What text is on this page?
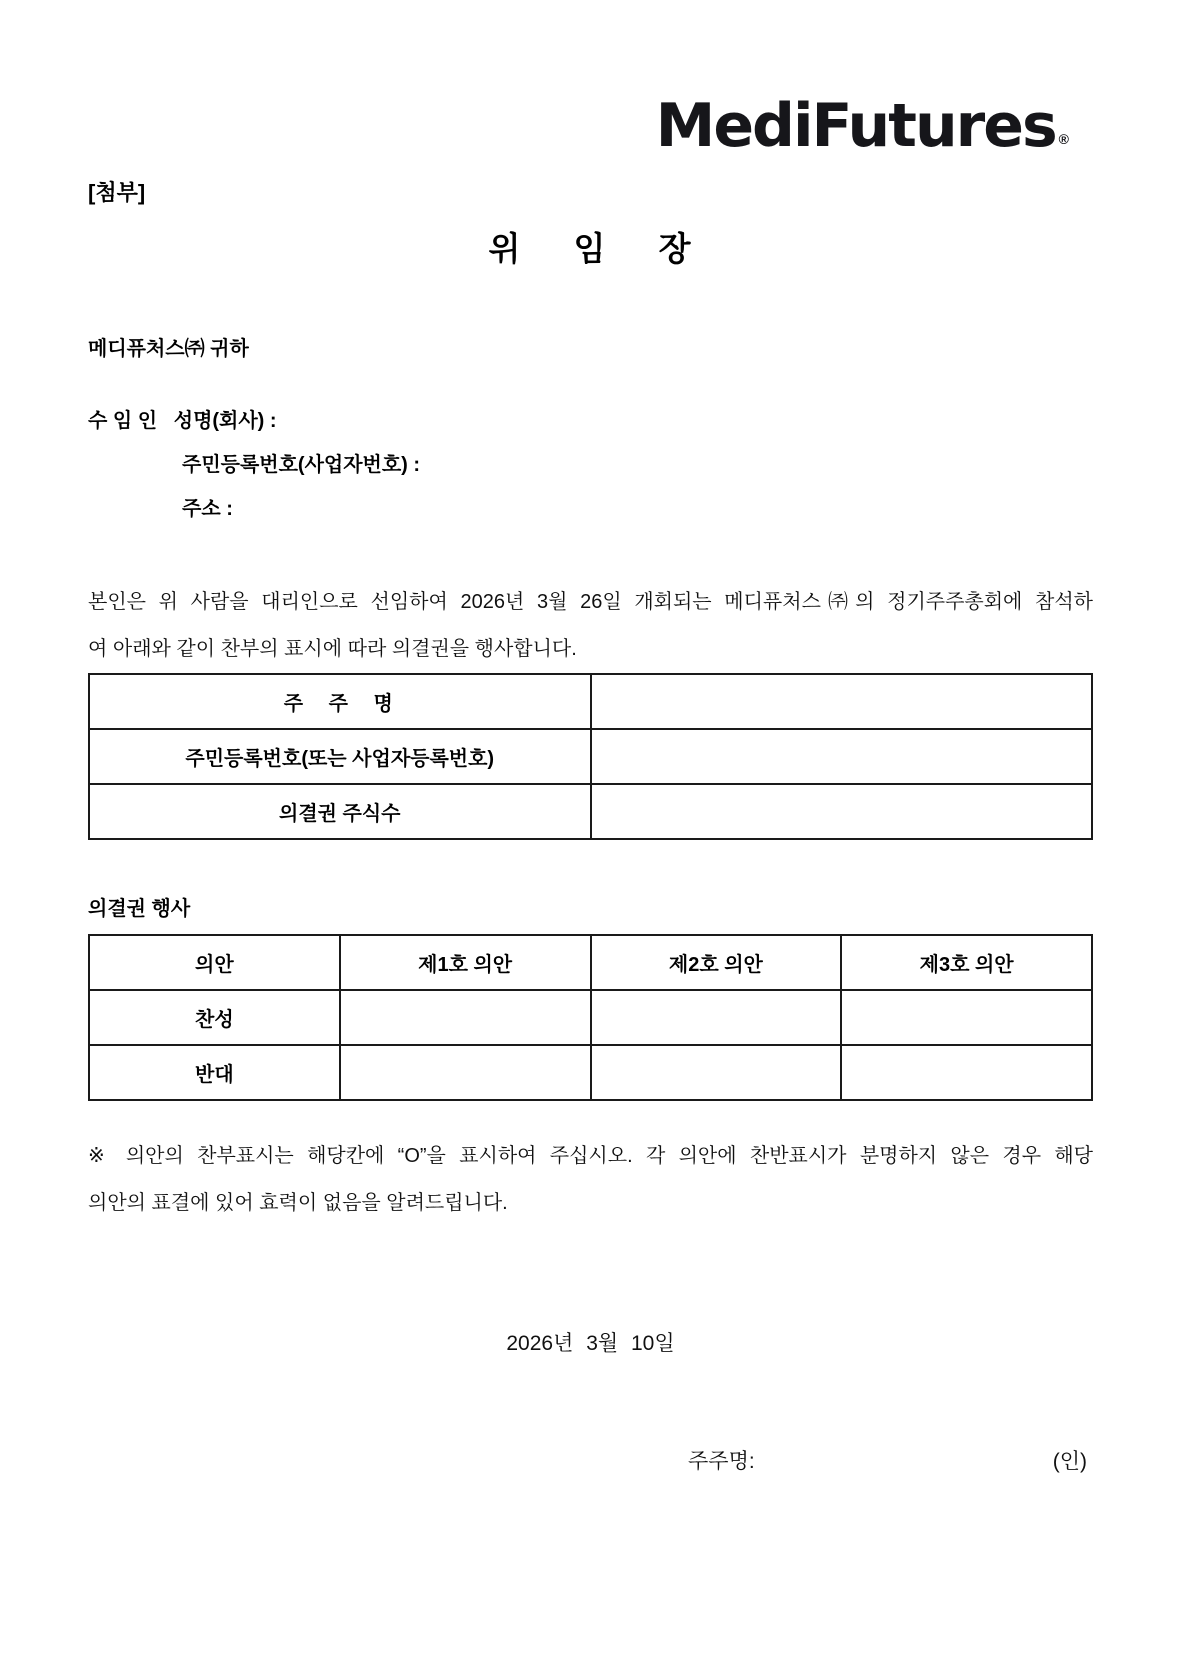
MediFutures ®
[첨부]
위 임 장
메디퓨처스㈜ 귀하
수 임 인   성명(회사) :
주민등록번호(사업자번호) :
주소 :
본인은 위 사람을 대리인으로 선임하여 2026년 3월 26일 개회되는 메디퓨처스㈜의 정기주주총회에 참석하
여 아래와 같이 찬부의 표시에 따라 의결권을 행사합니다.
주 주 명	
주민등록번호(또는 사업자등록번호)	
의결권 주식수	
의결권 행사
의안	제1호 의안	제2호 의안	제3호 의안
찬성			
반대			
※ 의안의 찬부표시는 해당칸에 “O”을 표시하여 주십시오. 각 의안에 찬반표시가 분명하지 않은 경우 해당
의안의 표결에 있어 효력이 없음을 알려드립니다.
2026년 3월 10일
주주명:	(인)
